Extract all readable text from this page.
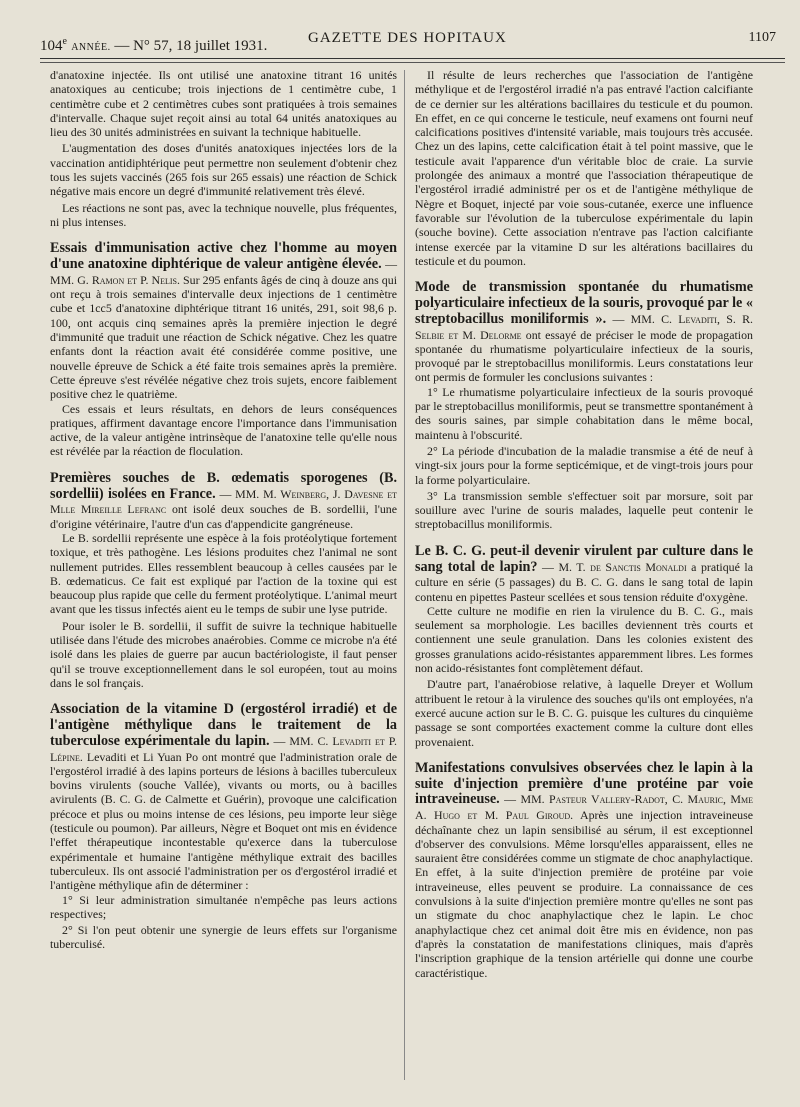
104e ANNÉE. — N° 57, 18 juillet 1931.	GAZETTE DES HOPITAUX	1107

d'anatoxine injectée. Ils ont utilisé une anatoxine titrant 16 unités anatoxiques au centicube; trois injections de 1 centimètre cube, 1 centimètre cube et 2 centimètres cubes sont pratiquées à trois semaines d'intervalle. Chaque sujet reçoit ainsi au total 64 unités anatoxiques au lieu des 30 unités administrées en suivant la technique habituelle.

L'augmentation des doses d'unités anatoxiques injectées lors de la vaccination antidiphtérique peut permettre non seulement d'obtenir chez tous les sujets vaccinés (265 fois sur 265 essais) une réaction de Schick négative mais encore un degré d'immunité relativement très élevé.

Les réactions ne sont pas, avec la technique nouvelle, plus fréquentes, ni plus intenses.

Essais d'immunisation active chez l'homme au moyen d'une anatoxine diphtérique de valeur antigène élevée. — MM. G. Ramon et P. Nelis. Sur 295 enfants âgés de cinq à douze ans qui ont reçu à trois semaines d'intervalle deux injections de 1 centimètre cube et 1cc5 d'anatoxine diphtérique titrant 16 unités, 291, soit 98,6 p. 100, ont acquis cinq semaines après la première injection le degré d'immunité que traduit une réaction de Schick négative. Chez les quatre enfants dont la réaction avait été considérée comme positive, une nouvelle épreuve de Schick a été faite trois semaines après la première. Cette épreuve s'est révélée négative chez trois sujets, encore faiblement positive chez le quatrième.

Ces essais et leurs résultats, en dehors de leurs conséquences pratiques, affirment davantage encore l'importance dans l'immunisation active, de la valeur antigène intrinsèque de l'anatoxine telle qu'elle nous est révélée par la réaction de floculation.

Premières souches de B. œdematis sporogenes (B. sordellii) isolées en France. — MM. M. Weinberg, J. Davesne et Mlle Mireille Lefranc ont isolé deux souches de B. sordellii, l'une d'origine vétérinaire, l'autre d'un cas d'appendicite gangréneuse.

Le B. sordellii représente une espèce à la fois protéolytique fortement toxique, et très pathogène. Les lésions produites chez l'animal ne sont nullement putrides. Elles ressemblent beaucoup à celles causées par le B. œdematicus. Ce fait est expliqué par l'action de la toxine qui est beaucoup plus rapide que celle du ferment protéolytique. L'animal meurt avant que les tissus infectés aient eu le temps de subir une lyse putride.

Pour isoler le B. sordellii, il suffit de suivre la technique habituelle utilisée dans l'étude des microbes anaérobies. Comme ce microbe n'a été isolé dans les plaies de guerre par aucun bactériologiste, il faut penser qu'il se trouve exceptionnellement dans le sol européen, tout au moins dans le sol français.

Association de la vitamine D (ergostérol irradié) et de l'antigène méthylique dans le traitement de la tuberculose expérimentale du lapin. — MM. C. Levaditi et P. Lépine. Levaditi et Li Yuan Po ont montré que l'administration orale de l'ergostérol irradié à des lapins porteurs de lésions à bacilles tuberculeux bovins virulents (souche Vallée), vivants ou morts, ou à bacilles avirulents (B. C. G. de Calmette et Guérin), provoque une calcification précoce et plus ou moins intense de ces lésions, peu importe leur siège (testicule ou poumon). Par ailleurs, Nègre et Boquet ont mis en évidence l'effet thérapeutique incontestable qu'exerce dans la tuberculose expérimentale et humaine l'antigène méthylique extrait des bacilles tuberculeux. Ils ont associé l'administration per os d'ergostérol irradié et l'antigène méthylique afin de déterminer :

1° Si leur administration simultanée n'empêche pas leurs actions respectives;

2° Si l'on peut obtenir une synergie de leurs effets sur l'organisme tuberculisé.

Il résulte de leurs recherches que l'association de l'antigène méthylique et de l'ergostérol irradié n'a pas entravé l'action calcifiante de ce dernier sur les altérations bacillaires du testicule et du poumon. En effet, en ce qui concerne le testicule, neuf examens ont fourni neuf calcifications positives d'intensité variable, mais toujours très accusée. Chez un des lapins, cette calcification était à tel point massive, que le testicule avait l'apparence d'un véritable bloc de craie. La survie prolongée des animaux a montré que l'association thérapeutique de l'ergostérol irradié administré per os et de l'antigène méthylique de Nègre et Boquet, injecté par voie sous-cutanée, exerce une influence favorable sur l'évolution de la tuberculose expérimentale du lapin (souche bovine). Cette association n'entrave pas l'action calcifiante intense exercée par la vitamine D sur les altérations bacillaires du testicule et du poumon.

Mode de transmission spontanée du rhumatisme polyarticulaire infectieux de la souris, provoqué par le « streptobacillus moniliformis ». — MM. C. Levaditi, S. R. Selbie et M. Delorme ont essayé de préciser le mode de propagation spontanée du rhumatisme polyarticulaire infectieux de la souris, provoqué par le streptobacillus moniliformis. Leurs constatations leur ont permis de formuler les conclusions suivantes :

1° Le rhumatisme polyarticulaire infectieux de la souris provoqué par le streptobacillus moniliformis, peut se transmettre spontanément à des souris saines, par simple cohabitation dans le même bocal, maintenu à l'obscurité.

2° La période d'incubation de la maladie transmise a été de neuf à vingt-six jours pour la forme septicémique, et de vingt-trois jours pour la forme polyarticulaire.

3° La transmission semble s'effectuer soit par morsure, soit par souillure avec l'urine de souris malades, laquelle peut contenir le streptobacillus moniliformis.

Le B. C. G. peut-il devenir virulent par culture dans le sang total de lapin? — M. T. de Sanctis Monaldi a pratiqué la culture en série (5 passages) du B. C. G. dans le sang total de lapin contenu en pipettes Pasteur scellées et sous tension réduite d'oxygène.

Cette culture ne modifie en rien la virulence du B. C. G., mais seulement sa morphologie. Les bacilles deviennent très courts et contiennent une seule granulation. Dans les colonies existent des grosses granulations acido-résistantes apparemment libres. Les formes non acido-résistantes font complètement défaut.

D'autre part, l'anaérobiose relative, à laquelle Dreyer et Wollum attribuent le retour à la virulence des souches qu'ils ont employées, n'a exercé aucune action sur le B. C. G. puisque les cultures du cinquième passage se sont comportées exactement comme la culture dont elles provenaient.

Manifestations convulsives observées chez le lapin à la suite d'injection première d'une protéine par voie intraveineuse. — MM. Pasteur Vallery-Radot, C. Mauric, Mme A. Hugo et M. Paul Giroud. Après une injection intraveineuse déchaînante chez un lapin sensibilisé au sérum, il est exceptionnel d'observer des convulsions. Même lorsqu'elles apparaissent, elles ne sauraient être considérées comme un stigmate de choc anaphylactique. En effet, à la suite d'injection première de protéine par voie intraveineuse, elles peuvent se produire. La connaissance de ces convulsions à la suite d'injection première montre qu'elles ne sont pas un stigmate du choc anaphylactique chez le lapin. Le choc anaphylactique chez cet animal doit être mis en évidence, non pas d'après la constatation de manifestations cliniques, mais d'après l'inscription graphique de la tension artérielle qui donne une courbe caractéristique.
